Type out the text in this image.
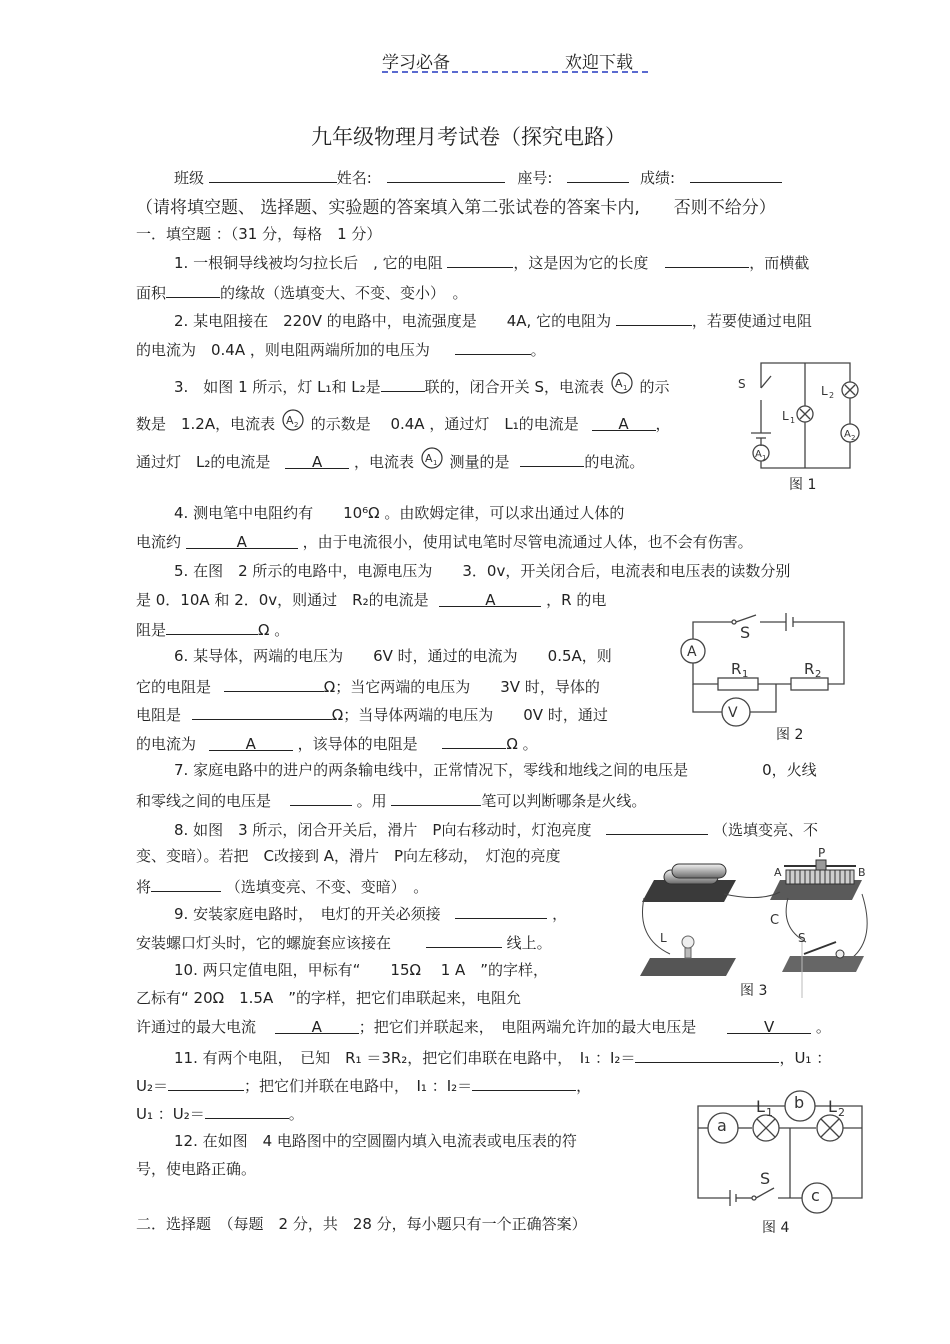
学习必备	欢迎下载
九年级物理月考试卷（探究电路）
班级	姓名:	座号:	成绩:
（请将填空题、 选择题、实验题的答案填入第二张试卷的答案卡内,　　否则不给分）
一．填空题 ：（31 分，每格　1 分）
1. 一根铜导线被均匀拉长后　, 它的电阻	，这是因为它的长度	，而横截
面积	的缘故（选填变大、不变、变小）　。
2. 某电阻接在　220V 的电路中，电流强度是　　4A, 它的电阻为	，若要使通过电阻
的电流为　0.4A ，则电阻两端所加的电压为	。
3.　如图 1 所示，灯 L₁和 L₂是	联的，闭合开关 S，电流表 A 1 的示
数是　1.2A，电流表 A 2 的示数是　 0.4A ，通过灯　L₁的电流是	A ，
通过灯　L₂的电流是	A ，电流表 A 1 测量的是	的电流。
S
L 1
L 2
A 2
A 1
图 1
4. 测电笔中电阻约有　　10⁶Ω 。由欧姆定律，可以求出通过人体的
电流约	A	，由于电流很小，使用试电笔时尽管电流通过人体，也不会有伤害。
5. 在图　2 所示的电路中，电源电压为　　3．0v，开关闭合后，电流表和电压表的读数分别
是 0．10A 和 2．0v，则通过　R₂的电流是	A	，R 的电
阻是	Ω 。
A
V
S
R 1	R 2
图 2
6. 某导体，两端的电压为　　6V 时，通过的电流为　　0.5A，则
它的电阻是	Ω；当它两端的电压为　　3V 时，导体的
电阻是	Ω；当导体两端的电压为　　0V 时，通过
的电流为	A	，该导体的电阻是	Ω 。
7. 家庭电路中的进户的两条输电线中，正常情况下，零线和地线之间的电压是	0，火线
和零线之间的电压是	。用	笔可以判断哪条是火线。
8. 如图　3 所示，闭合开关后，滑片　P向右移动时，灯泡亮度	（选填变亮、不
变、变暗）。若把　C改接到 A，滑片　P向左移动，　灯泡的亮度
将	（选填变亮、不变、变暗）　。
A	B
P
C
L	S
图 3
9. 安装家庭电路时，　电灯的开关必须接	，
安装螺口灯头时，它的螺旋套应该接在	线上。
10. 两只定值电阻，甲标有“　　15Ω　 1 A　”的字样，
乙标有“ 20Ω　1.5A　”的字样，把它们串联起来，电阻允
许通过的最大电流	A ；把它们并联起来，　电阻两端允许加的最大电压是	V	。
11. 有两个电阻，　已知　R₁ ＝3R₂，把它们串联在电路中，　I₁ ：I₂＝	，U₁ ：
U₂＝	；把它们并联在电路中，　I₁ ：I₂＝	，
U₁ ：U₂＝	。
12. 在如图　4 电路图中的空圆圈内填入电流表或电压表的符
号，使电路正确。
b
a
c
L 1	L 2
S
图 4
二．选择题　（每题　2 分，共　28 分，每小题只有一个正确答案）
